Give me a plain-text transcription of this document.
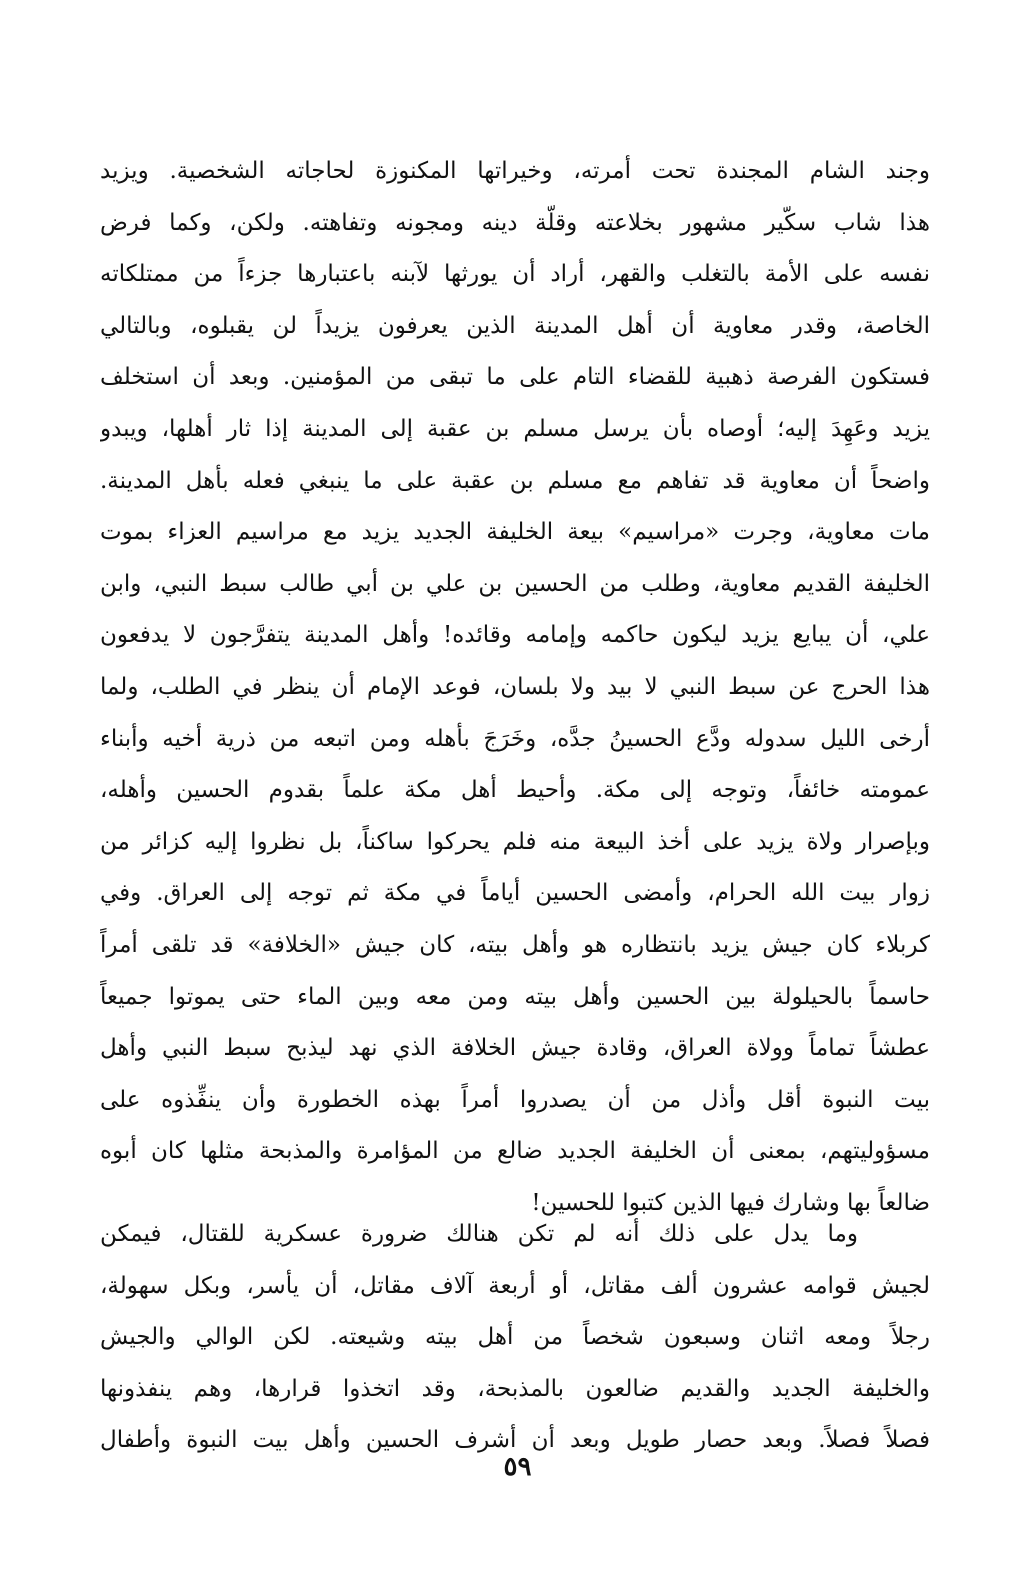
وجند الشام المجندة تحت أمرته، وخيراتها المكنوزة لحاجاته الشخصية. ويزيد
هذا شاب سكّير مشهور بخلاعته وقلّة دينه ومجونه وتفاهته. ولكن، وكما فرض
نفسه على الأمة بالتغلب والقهر، أراد أن يورثها لآبنه باعتبارها جزءاً من ممتلكاته
الخاصة، وقدر معاوية أن أهل المدينة الذين يعرفون يزيداً لن يقبلوه، وبالتالي
فستكون الفرصة ذهبية للقضاء التام على ما تبقى من المؤمنين. وبعد أن استخلف
يزيد وعَهِدَ إليه؛ أوصاه بأن يرسل مسلم بن عقبة إلى المدينة إذا ثار أهلها، ويبدو
واضحاً أن معاوية قد تفاهم مع مسلم بن عقبة على ما ينبغي فعله بأهل المدينة.
مات معاوية، وجرت «مراسيم» بيعة الخليفة الجديد يزيد مع مراسيم العزاء بموت
الخليفة القديم معاوية، وطلب من الحسين بن علي بن أبي طالب سبط النبي، وابن
علي، أن يبايع يزيد ليكون حاكمه وإمامه وقائده! وأهل المدينة يتفرَّجون لا يدفعون
هذا الحرج عن سبط النبي لا بيد ولا بلسان، فوعد الإمام أن ينظر في الطلب، ولما
أرخى الليل سدوله ودَّع الحسينُ جدَّه، وخَرَجَ بأهله ومن اتبعه من ذرية أخيه وأبناء
عمومته خائفاً، وتوجه إلى مكة. وأحيط أهل مكة علماً بقدوم الحسين وأهله،
وبإصرار ولاة يزيد على أخذ البيعة منه فلم يحركوا ساكناً، بل نظروا إليه كزائر من
زوار بيت الله الحرام، وأمضى الحسين أياماً في مكة ثم توجه إلى العراق. وفي
كربلاء كان جيش يزيد بانتظاره هو وأهل بيته، كان جيش «الخلافة» قد تلقى أمراً
حاسماً بالحيلولة بين الحسين وأهل بيته ومن معه وبين الماء حتى يموتوا جميعاً
عطشاً تماماً وولاة العراق، وقادة جيش الخلافة الذي نهد ليذبح سبط النبي وأهل
بيت النبوة أقل وأذل من أن يصدروا أمراً بهذه الخطورة وأن ينفِّذوه على
مسؤوليتهم، بمعنى أن الخليفة الجديد ضالع من المؤامرة والمذبحة مثلها كان أبوه
ضالعاً بها وشارك فيها الذين كتبوا للحسين!
وما يدل على ذلك أنه لم تكن هنالك ضرورة عسكرية للقتال، فيمكن
لجيش قوامه عشرون ألف مقاتل، أو أربعة آلاف مقاتل، أن يأسر، وبكل سهولة،
رجلاً ومعه اثنان وسبعون شخصاً من أهل بيته وشيعته. لكن الوالي والجيش
والخليفة الجديد والقديم ضالعون بالمذبحة، وقد اتخذوا قرارها، وهم ينفذونها
فصلاً فصلاً. وبعد حصار طويل وبعد أن أشرف الحسين وأهل بيت النبوة وأطفال
٥٩
